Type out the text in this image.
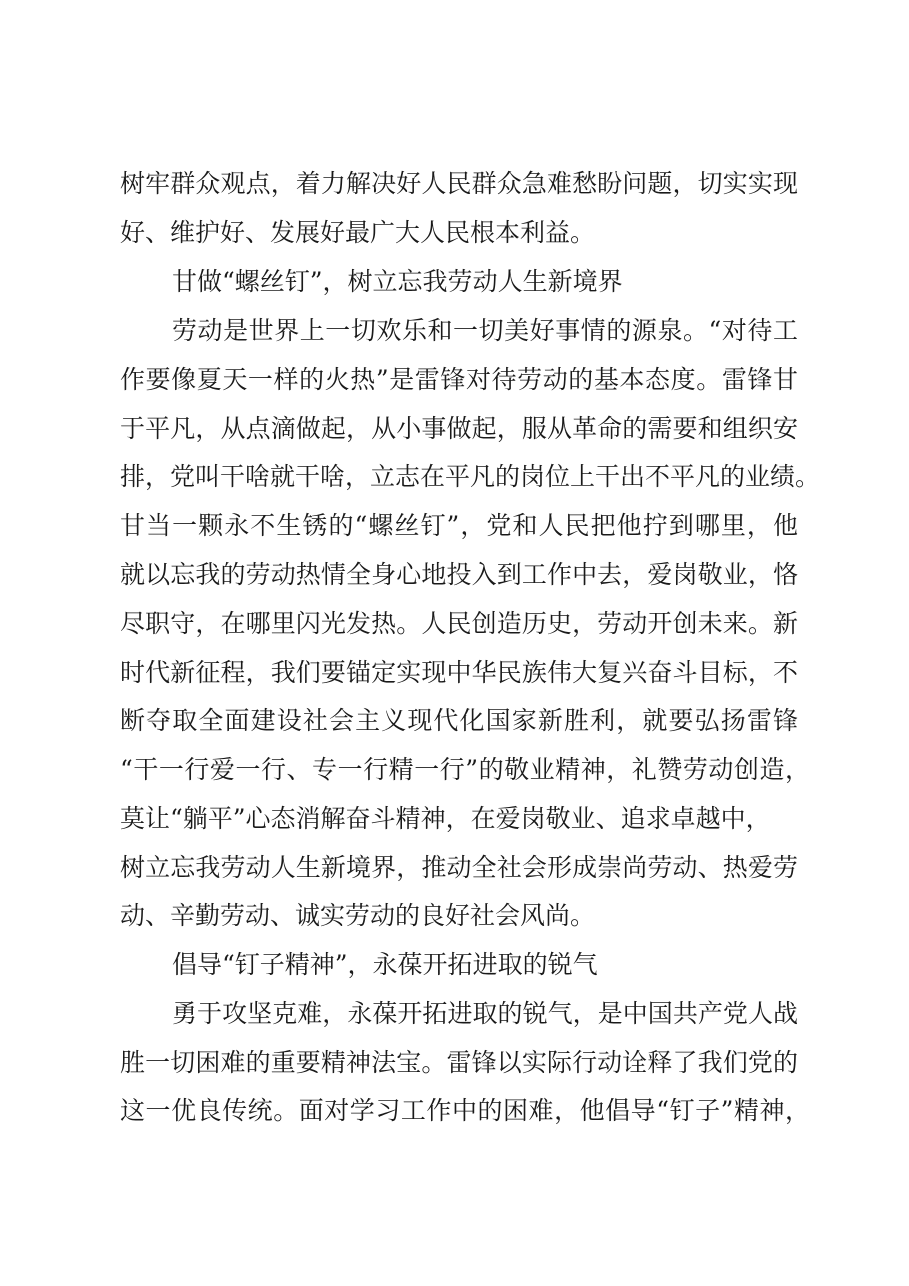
树牢群众观点，着力解决好人民群众急难愁盼问题，切实实现
好、维护好、发展好最广大人民根本利益。
甘做“螺丝钉”，树立忘我劳动人生新境界
劳动是世界上一切欢乐和一切美好事情的源泉。“对待工
作要像夏天一样的火热”是雷锋对待劳动的基本态度。雷锋甘
于平凡，从点滴做起，从小事做起，服从革命的需要和组织安
排，党叫干啥就干啥，立志在平凡的岗位上干出不平凡的业绩。
甘当一颗永不生锈的“螺丝钉”，党和人民把他拧到哪里，他
就以忘我的劳动热情全身心地投入到工作中去，爱岗敬业，恪
尽职守，在哪里闪光发热。人民创造历史，劳动开创未来。新
时代新征程，我们要锚定实现中华民族伟大复兴奋斗目标，不
断夺取全面建设社会主义现代化国家新胜利，就要弘扬雷锋
“干一行爱一行、专一行精一行”的敬业精神，礼赞劳动创造，
莫让“躺平”心态消解奋斗精神，在爱岗敬业、追求卓越中，
树立忘我劳动人生新境界，推动全社会形成崇尚劳动、热爱劳
动、辛勤劳动、诚实劳动的良好社会风尚。
倡导“钉子精神”，永葆开拓进取的锐气
勇于攻坚克难，永葆开拓进取的锐气，是中国共产党人战
胜一切困难的重要精神法宝。雷锋以实际行动诠释了我们党的
这一优良传统。面对学习工作中的困难，他倡导“钉子”精神，
